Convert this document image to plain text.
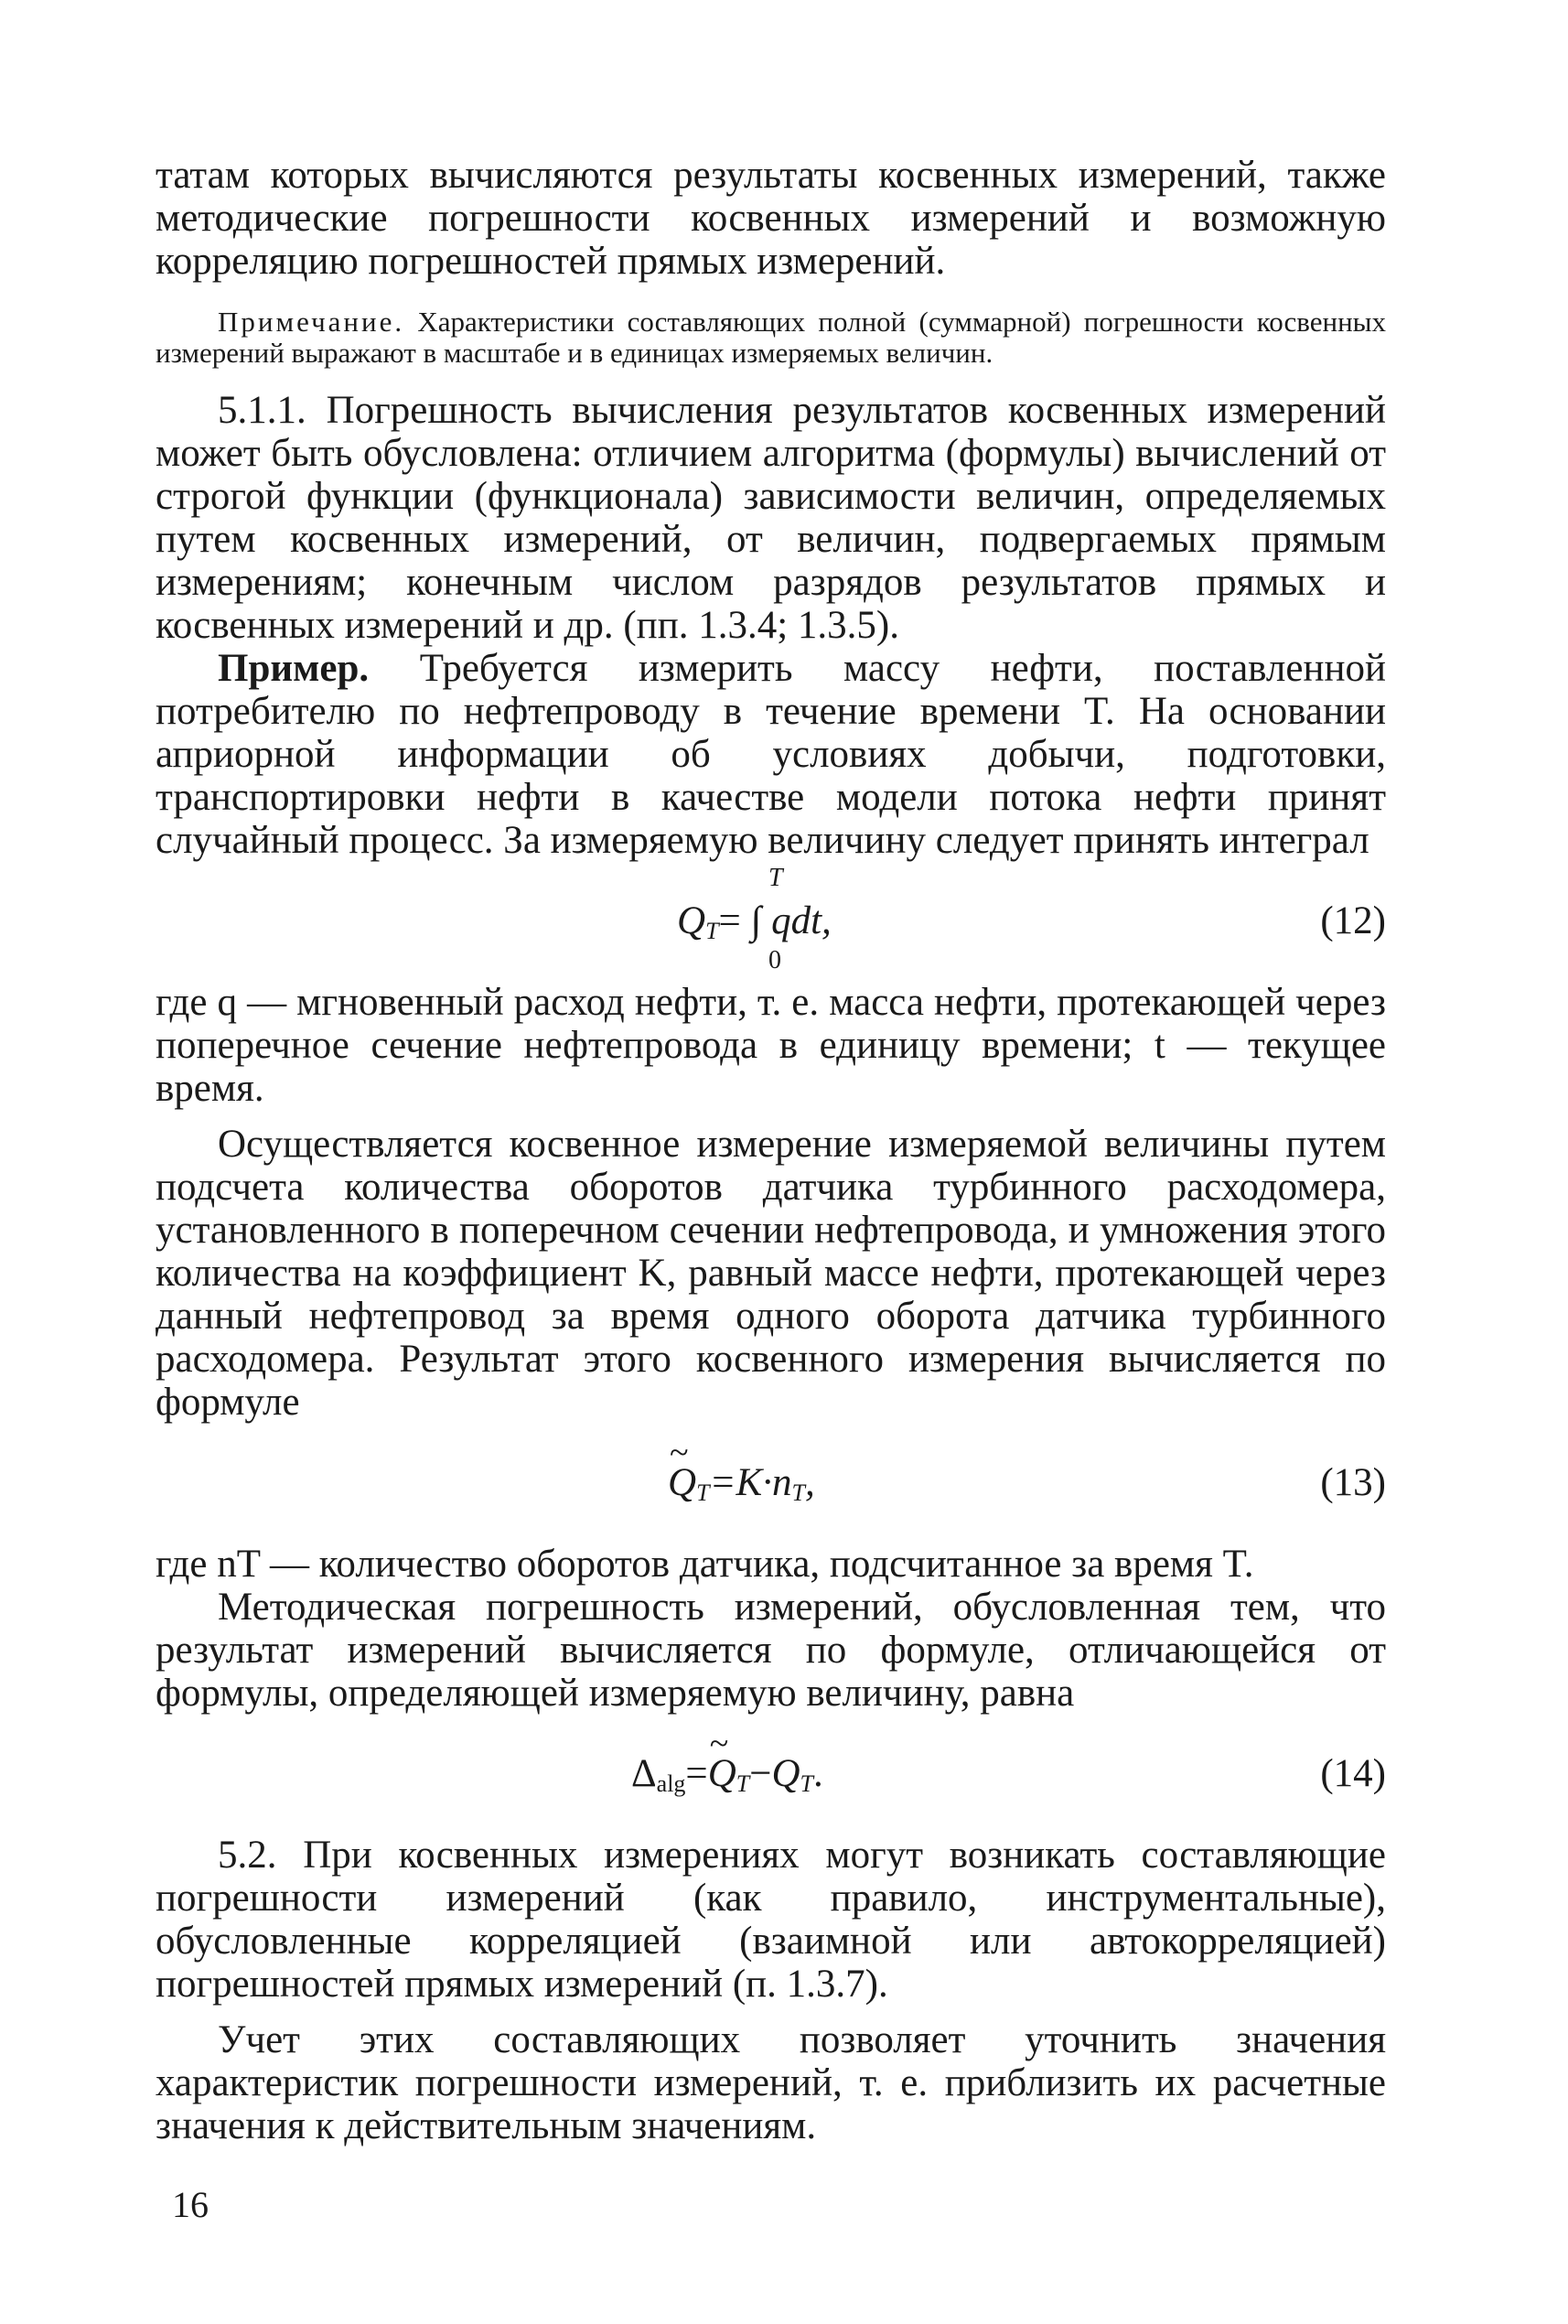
татам которых вычисляются результаты косвенных измерений, также методические погрешности косвенных измерений и возможную корреляцию погрешностей прямых измерений.

Примечание. Характеристики составляющих полной (суммарной) погрешности косвенных измерений выражают в масштабе и в единицах измеряемых величин.

5.1.1. Погрешность вычисления результатов косвенных измерений может быть обусловлена: отличием алгоритма (формулы) вычислений от строгой функции (функционала) зависимости величин, определяемых путем косвенных измерений, от величин, подвергаемых прямым измерениям; конечным числом разрядов результатов прямых и косвенных измерений и др. (пп. 1.3.4; 1.3.5).

Пример. Требуется измерить массу нефти, поставленной потребителю по нефтепроводу в течение времени T. На основании априорной информации об условиях добычи, подготовки, транспортировки нефти в качестве модели потока нефти принят случайный процесс. За измеряемую величину следует принять интеграл

T
0
$Q_T=$ ∫ qdt,	(12)

где q — мгновенный расход нефти, т. е. масса нефти, протекающей через поперечное сечение нефтепровода в единицу времени; t — текущее время.

Осуществляется косвенное измерение измеряемой величины путем подсчета количества оборотов датчика турбинного расходомера, установленного в поперечном сечении нефтепровода, и умножения этого количества на коэффициент K, равный массе нефти, протекающей через данный нефтепровод за время одного оборота датчика турбинного расходомера. Результат этого косвенного измерения вычисляется по формуле

~ $Q_T=K\cdot n_T$,	(13)

где nT — количество оборотов датчика, подсчитанное за время T.

Методическая погрешность измерений, обусловленная тем, что результат измерений вычисляется по формуле, отличающейся от формулы, определяющей измеряемую величину, равна

$\Delta_{alg}=\sim$ $Q_T-Q_T$.	(14)

5.2. При косвенных измерениях могут возникать составляющие погрешности измерений (как правило, инструментальные), обусловленные корреляцией (взаимной или автокорреляцией) погрешностей прямых измерений (п. 1.3.7).

Учет этих составляющих позволяет уточнить значения характеристик погрешности измерений, т. е. приблизить их расчетные значения к действительным значениям.

16
